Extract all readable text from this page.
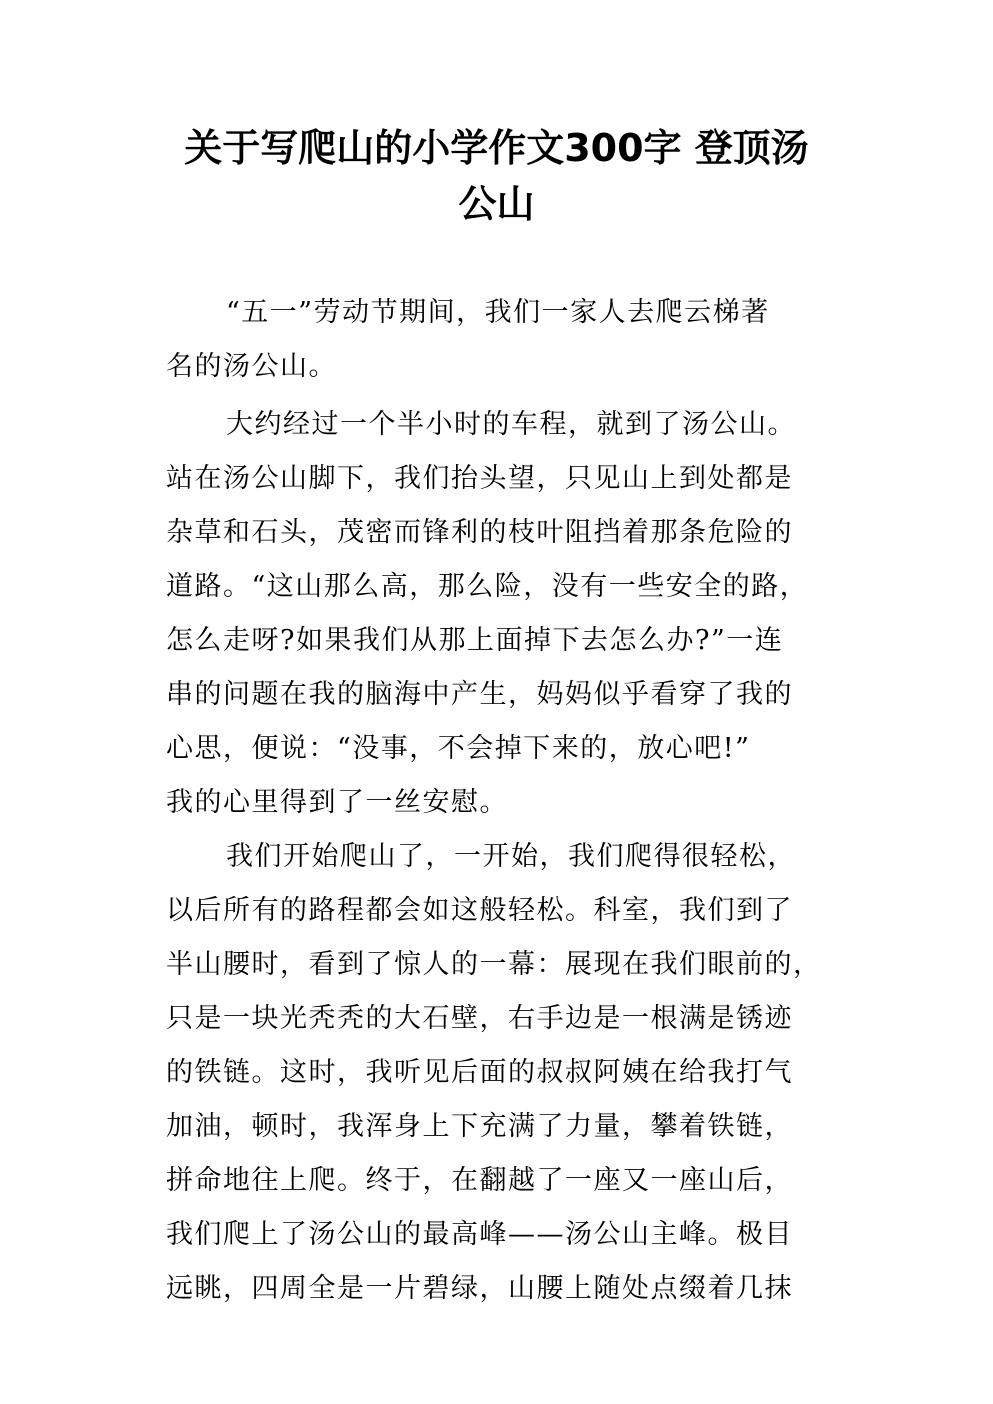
关于写爬山的小学作文300字 登顶汤
公山
“五一”劳动节期间，我们一家人去爬云梯著
名的汤公山。
大约经过一个半小时的车程，就到了汤公山。
站在汤公山脚下，我们抬头望，只见山上到处都是
杂草和石头，茂密而锋利的枝叶阻挡着那条危险的
道路。“这山那么高，那么险，没有一些安全的路，
怎么走呀?如果我们从那上面掉下去怎么办?”一连
串的问题在我的脑海中产生，妈妈似乎看穿了我的
心思，便说：“没事，不会掉下来的，放心吧!”
我的心里得到了一丝安慰。
我们开始爬山了，一开始，我们爬得很轻松，
以后所有的路程都会如这般轻松。科室，我们到了
半山腰时，看到了惊人的一幕：展现在我们眼前的，
只是一块光秃秃的大石壁，右手边是一根满是锈迹
的铁链。这时，我听见后面的叔叔阿姨在给我打气
加油，顿时，我浑身上下充满了力量，攀着铁链，
拼命地往上爬。终于，在翻越了一座又一座山后，
我们爬上了汤公山的最高峰——汤公山主峰。极目
远眺，四周全是一片碧绿，山腰上随处点缀着几抹
